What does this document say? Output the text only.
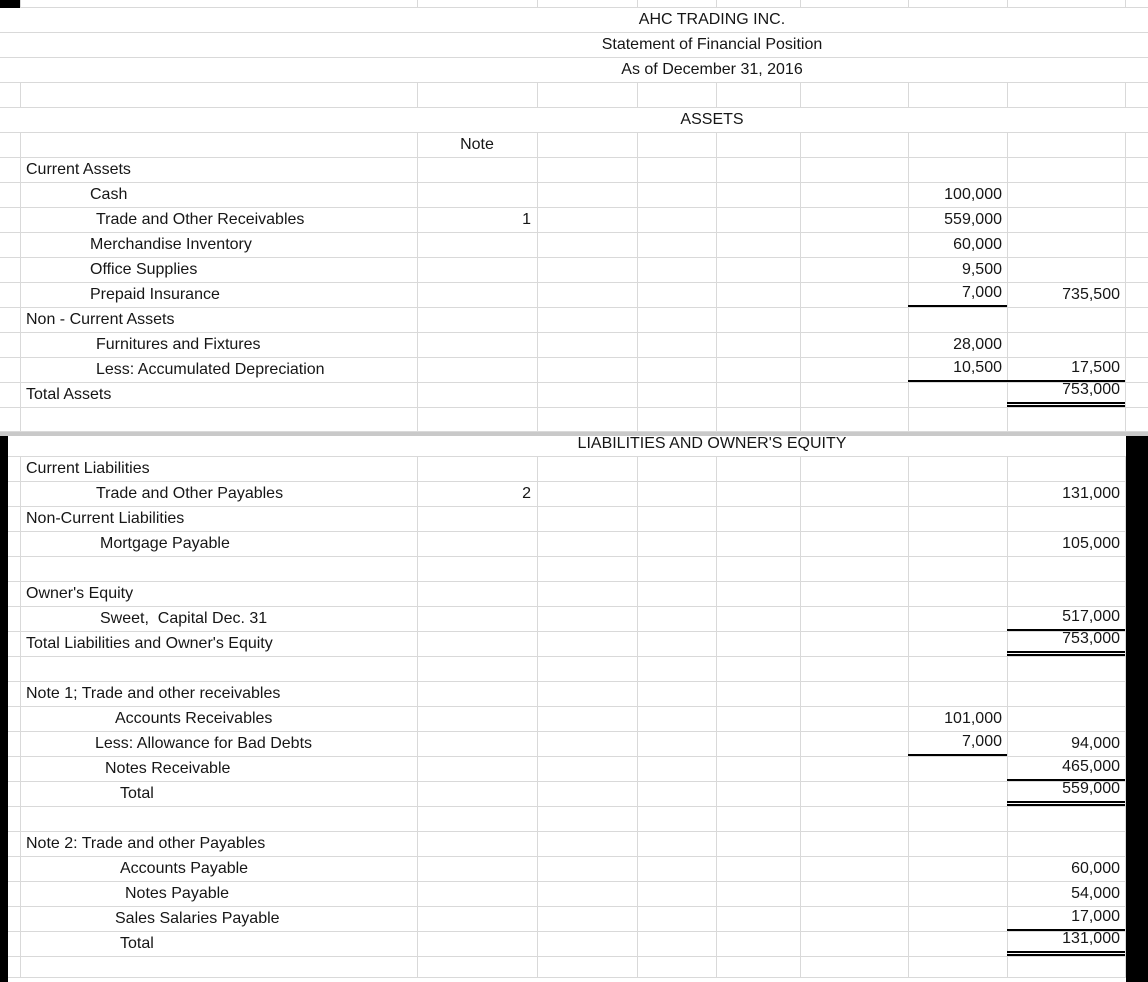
AHC TRADING INC.
Statement of Financial Position
As of December 31, 2016
ASSETS
Note
Current Assets
Cash	100,000
Trade and Other Receivables	1	559,000
Merchandise Inventory	60,000
Office Supplies	9,500
Prepaid Insurance	7,000	735,500
Non - Current Assets
Furnitures and Fixtures	28,000
Less: Accumulated Depreciation	10,500	17,500
Total Assets	753,000
LIABILITIES AND OWNER'S EQUITY
Current Liabilities
Trade and Other Payables	2	131,000
Non-Current Liabilities
Mortgage Payable	105,000
Owner's Equity
Sweet,  Capital Dec. 31	517,000
Total Liabilities and Owner's Equity	753,000
Note 1; Trade and other receivables
Accounts Receivables	101,000
Less: Allowance for Bad Debts	7,000	94,000
Notes Receivable	465,000
Total	559,000
Note 2: Trade and other Payables
Accounts Payable	60,000
Notes Payable	54,000
Sales Salaries Payable	17,000
Total	131,000
